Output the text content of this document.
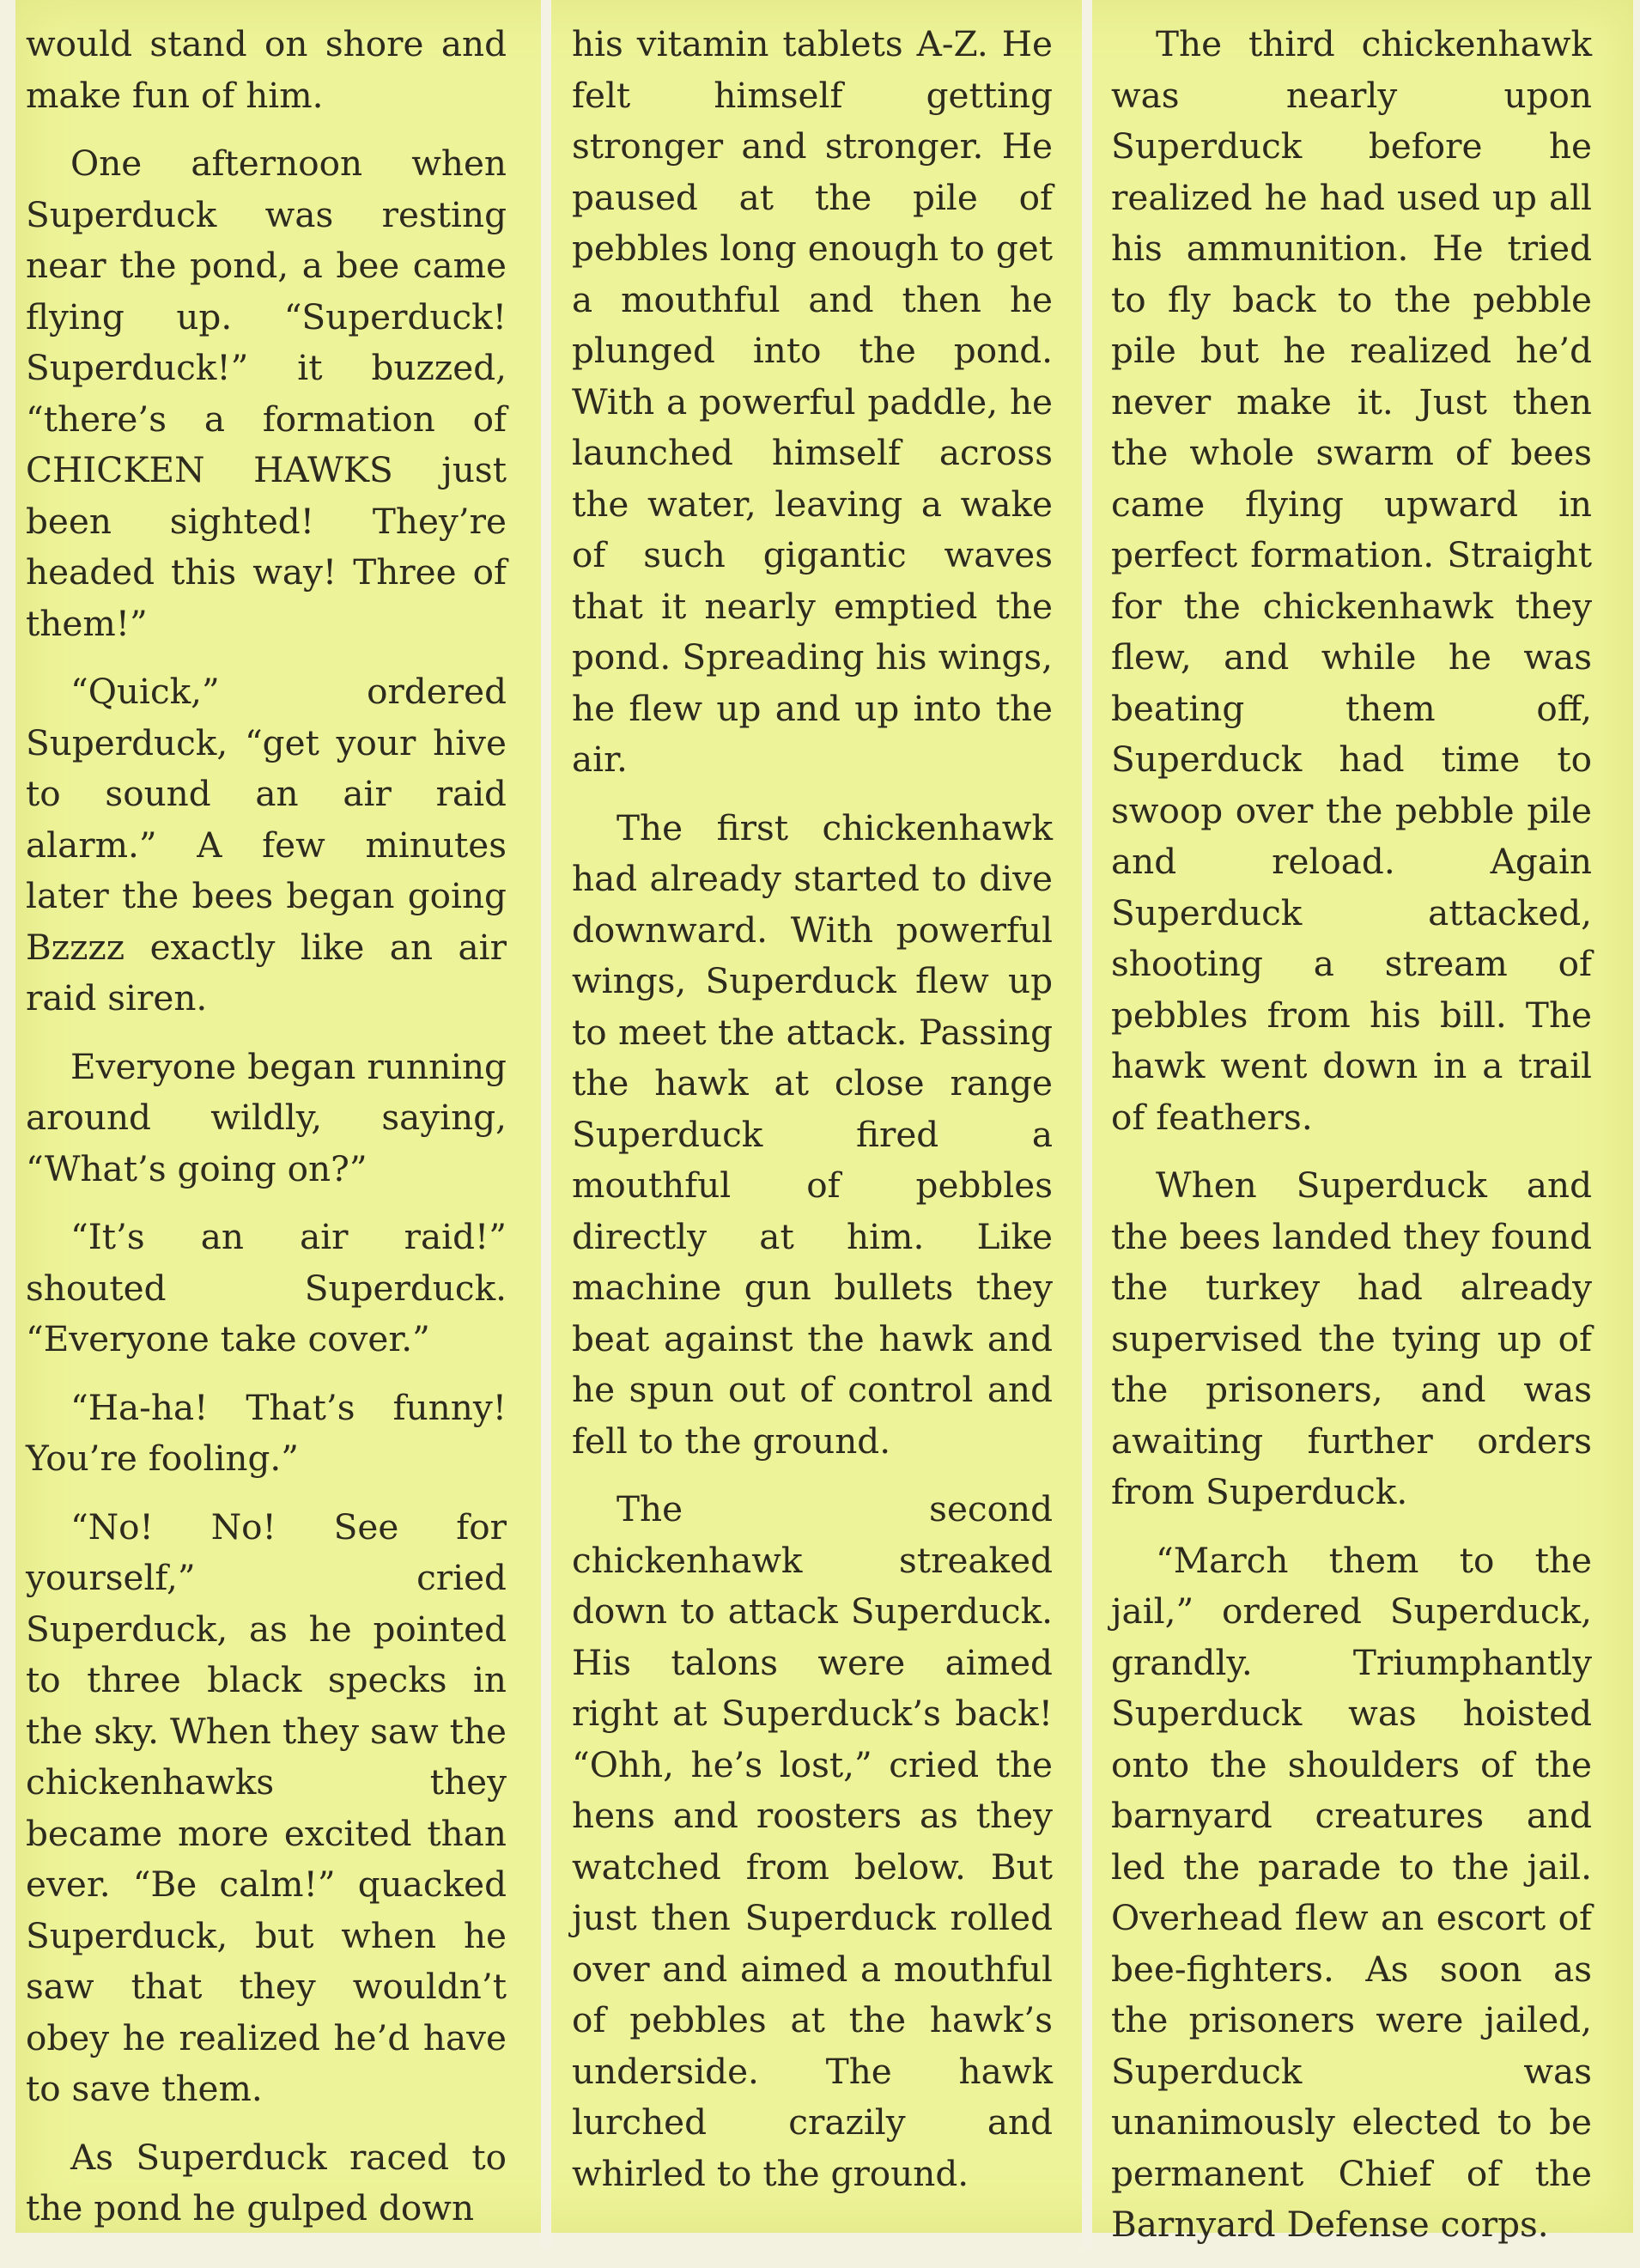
would stand on shore and make fun of him.

One afternoon when Superduck was resting near the pond, a bee came flying up. “Superduck! Superduck!” it buzzed, “there’s a formation of CHICKEN HAWKS just been sighted! They’re headed this way! Three of them!”

“Quick,” ordered Superduck, “get your hive to sound an air raid alarm.” A few minutes later the bees began going Bzzzz exactly like an air raid siren.

Everyone began running around wildly, saying, “What’s going on?”

“It’s an air raid!” shouted Superduck. “Everyone take cover.”

“Ha-ha! That’s funny! You’re fooling.”

“No! No! See for yourself,” cried Superduck, as he pointed to three black specks in the sky. When they saw the chickenhawks they became more excited than ever. “Be calm!” quacked Superduck, but when he saw that they wouldn’t obey he realized he’d have to save them.

As Superduck raced to the pond he gulped down

his vitamin tablets A-Z. He felt himself getting stronger and stronger. He paused at the pile of pebbles long enough to get a mouthful and then he plunged into the pond. With a powerful paddle, he launched himself across the water, leaving a wake of such gigantic waves that it nearly emptied the pond. Spreading his wings, he flew up and up into the air.

The first chickenhawk had already started to dive downward. With powerful wings, Superduck flew up to meet the attack. Passing the hawk at close range Superduck fired a mouthful of pebbles directly at him. Like machine gun bullets they beat against the hawk and he spun out of control and fell to the ground.

The second chickenhawk streaked down to attack Superduck. His talons were aimed right at Superduck’s back! “Ohh, he’s lost,” cried the hens and roosters as they watched from below. But just then Superduck rolled over and aimed a mouthful of pebbles at the hawk’s underside. The hawk lurched crazily and whirled to the ground.

The third chickenhawk was nearly upon Superduck before he realized he had used up all his ammunition. He tried to fly back to the pebble pile but he realized he’d never make it. Just then the whole swarm of bees came flying upward in perfect formation. Straight for the chickenhawk they flew, and while he was beating them off, Superduck had time to swoop over the pebble pile and reload. Again Superduck attacked, shooting a stream of pebbles from his bill. The hawk went down in a trail of feathers.

When Superduck and the bees landed they found the turkey had already supervised the tying up of the prisoners, and was awaiting further orders from Superduck.

“March them to the jail,” ordered Superduck, grandly. Triumphantly Superduck was hoisted onto the shoulders of the barnyard creatures and led the parade to the jail. Overhead flew an escort of bee-fighters. As soon as the prisoners were jailed, Superduck was unanimously elected to be permanent Chief of the Barnyard Defense corps.
